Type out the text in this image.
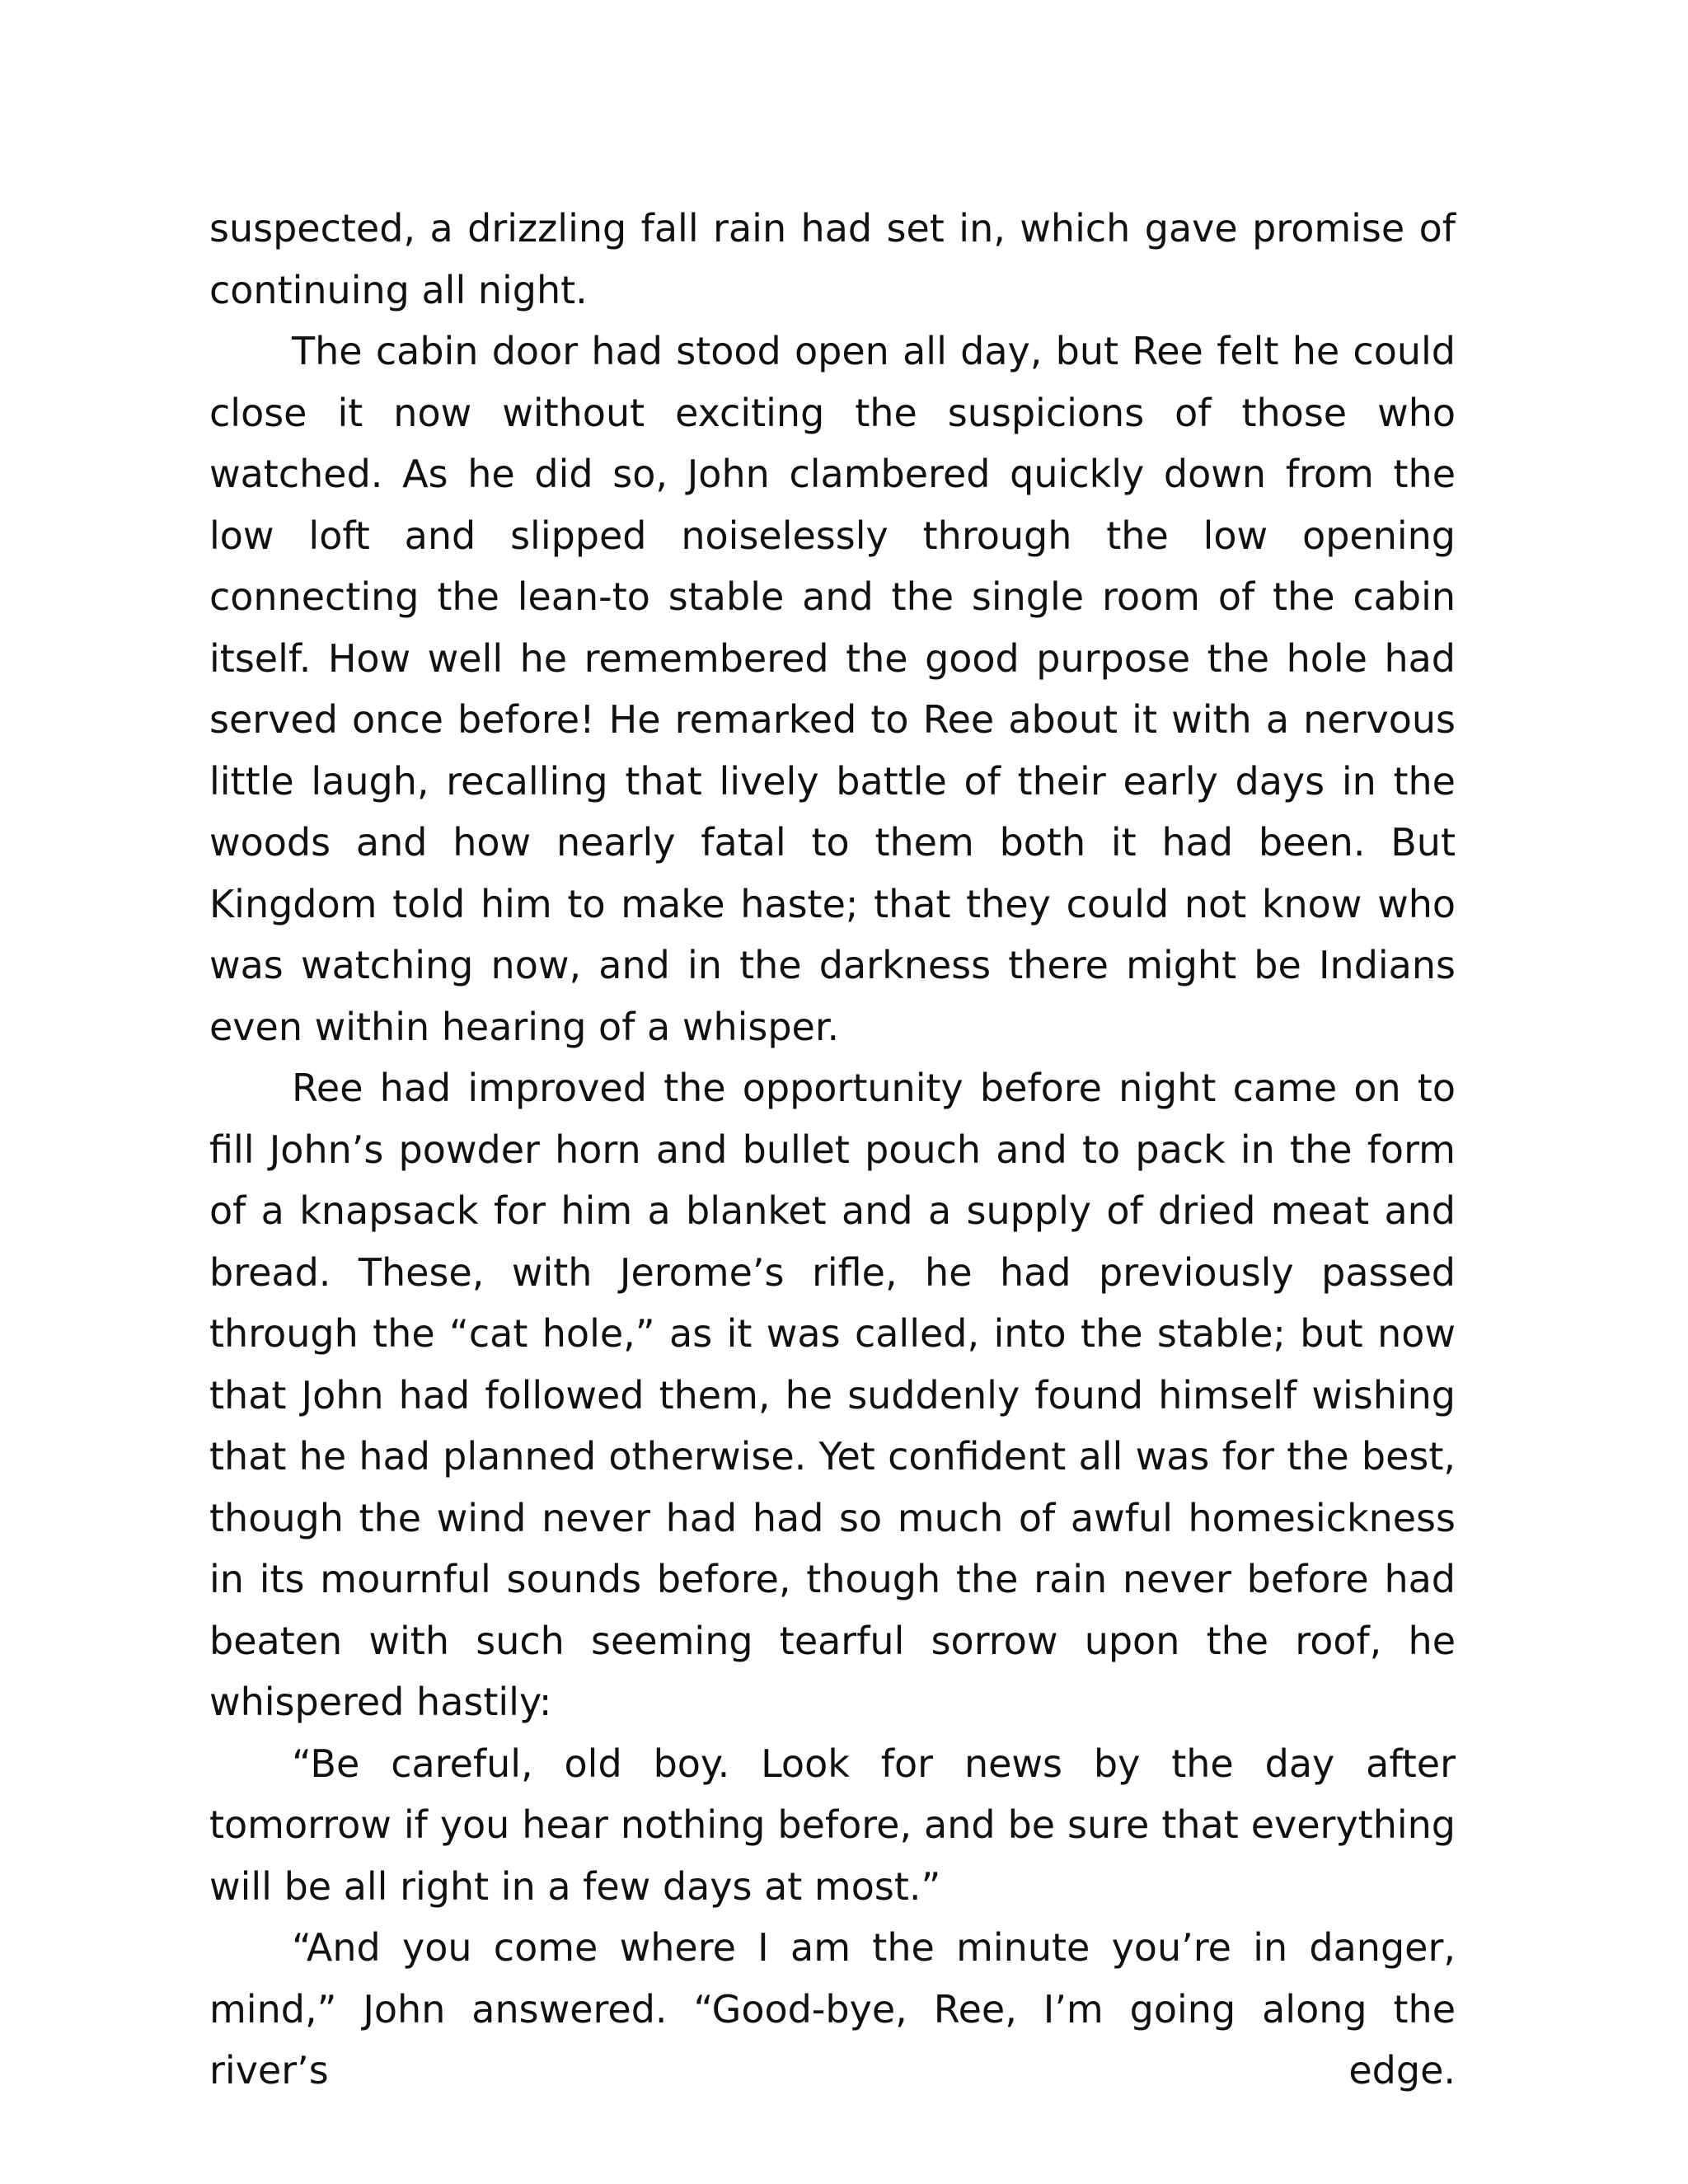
suspected, a drizzling fall rain had set in, which gave promise of continuing all night.

The cabin door had stood open all day, but Ree felt he could close it now without exciting the suspicions of those who watched. As he did so, John clambered quickly down from the low loft and slipped noiselessly through the low opening connecting the lean-to stable and the single room of the cabin itself. How well he remembered the good purpose the hole had served once before! He remarked to Ree about it with a nervous little laugh, recalling that lively battle of their early days in the woods and how nearly fatal to them both it had been. But Kingdom told him to make haste; that they could not know who was watching now, and in the darkness there might be Indians even within hearing of a whisper.

Ree had improved the opportunity before night came on to fill John’s powder horn and bullet pouch and to pack in the form of a knapsack for him a blanket and a supply of dried meat and bread. These, with Jerome’s rifle, he had previously passed through the “cat hole,” as it was called, into the stable; but now that John had followed them, he suddenly found himself wishing that he had planned otherwise. Yet confident all was for the best, though the wind never had had so much of awful homesickness in its mournful sounds before, though the rain never before had beaten with such seeming tearful sorrow upon the roof, he whispered hastily:

“Be careful, old boy. Look for news by the day after tomorrow if you hear nothing before, and be sure that everything will be all right in a few days at most.”

“And you come where I am the minute you’re in danger, mind,” John answered. “Good-bye, Ree, I’m going along the river’s edge.
